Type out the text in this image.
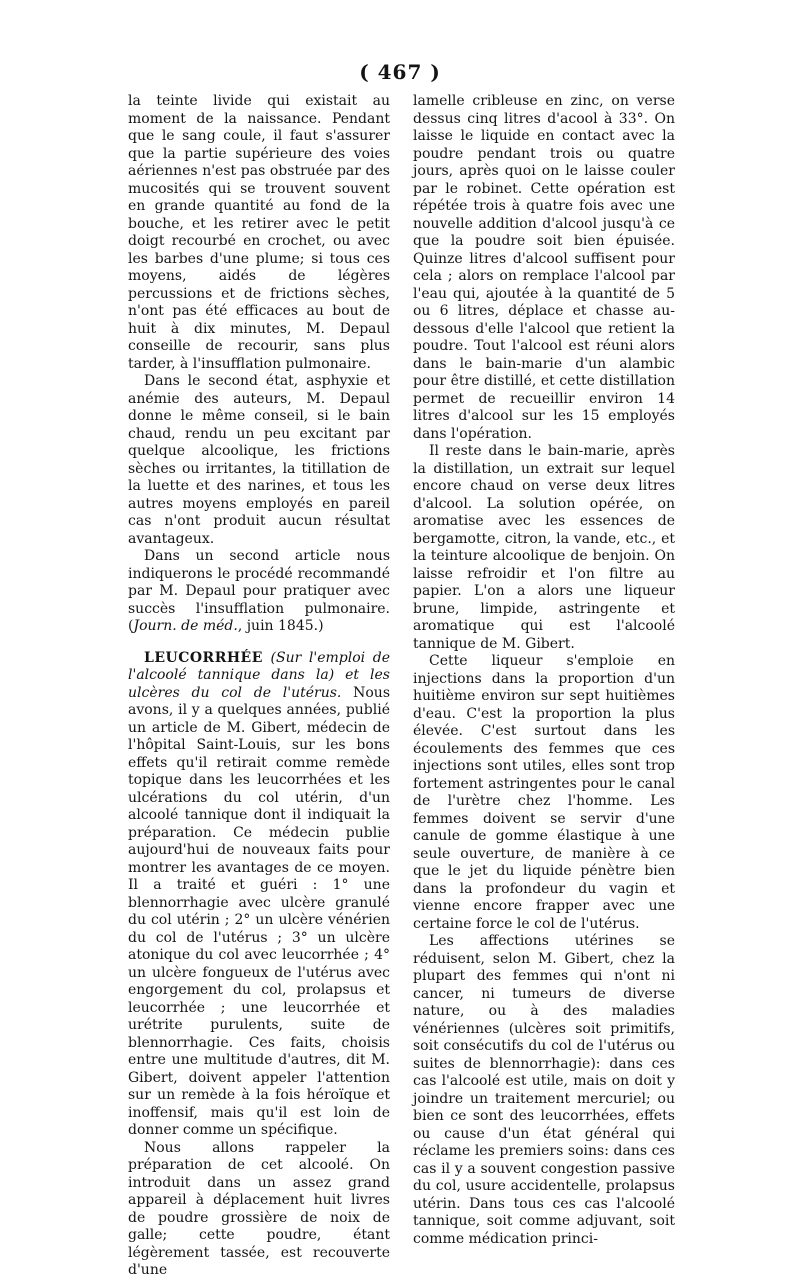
( 467 )

la teinte livide qui existait au moment de la naissance. Pendant que le sang coule, il faut s'assurer que la partie supérieure des voies aériennes n'est pas obstruée par des mucosités qui se trouvent souvent en grande quantité au fond de la bouche, et les retirer avec le petit doigt recourbé en crochet, ou avec les barbes d'une plume; si tous ces moyens, aidés de légères percussions et de frictions sèches, n'ont pas été efficaces au bout de huit à dix minutes, M. Depaul conseille de recourir, sans plus tarder, à l'insufflation pulmonaire.

Dans le second état, asphyxie et anémie des auteurs, M. Depaul donne le même conseil, si le bain chaud, rendu un peu excitant par quelque alcoolique, les frictions sèches ou irritantes, la titillation de la luette et des narines, et tous les autres moyens employés en pareil cas n'ont produit aucun résultat avantageux.

Dans un second article nous indiquerons le procédé recommandé par M. Depaul pour pratiquer avec succès l'insufflation pulmonaire. (Journ. de méd., juin 1845.)

LEUCORRHÉE (Sur l'emploi de l'alcoolé tannique dans la) et les ulcères du col de l'utérus. Nous avons, il y a quelques années, publié un article de M. Gibert, médecin de l'hôpital Saint-Louis, sur les bons effets qu'il retirait comme remède topique dans les leucorrhées et les ulcérations du col utérin, d'un alcoolé tannique dont il indiquait la préparation. Ce médecin publie aujourd'hui de nouveaux faits pour montrer les avantages de ce moyen. Il a traité et guéri : 1° une blennorrhagie avec ulcère granulé du col utérin ; 2° un ulcère vénérien du col de l'utérus ; 3° un ulcère atonique du col avec leucorrhée ; 4° un ulcère fongueux de l'utérus avec engorgement du col, prolapsus et leucorrhée ; une leucorrhée et urétrite purulents, suite de blennorrhagie. Ces faits, choisis entre une multitude d'autres, dit M. Gibert, doivent appeler l'attention sur un remède à la fois héroïque et inoffensif, mais qu'il est loin de donner comme un spécifique.

Nous allons rappeler la préparation de cet alcoolé. On introduit dans un assez grand appareil à déplacement huit livres de poudre grossière de noix de galle; cette poudre, étant légèrement tassée, est recouverte d'une

lamelle cribleuse en zinc, on verse dessus cinq litres d'acool à 33°. On laisse le liquide en contact avec la poudre pendant trois ou quatre jours, après quoi on le laisse couler par le robinet. Cette opération est répétée trois à quatre fois avec une nouvelle addition d'alcool jusqu'à ce que la poudre soit bien épuisée. Quinze litres d'alcool suffisent pour cela ; alors on remplace l'alcool par l'eau qui, ajoutée à la quantité de 5 ou 6 litres, déplace et chasse au-dessous d'elle l'alcool que retient la poudre. Tout l'alcool est réuni alors dans le bain-marie d'un alambic pour être distillé, et cette distillation permet de recueillir environ 14 litres d'alcool sur les 15 employés dans l'opération.

Il reste dans le bain-marie, après la distillation, un extrait sur lequel encore chaud on verse deux litres d'alcool. La solution opérée, on aromatise avec les essences de bergamotte, citron, la vande, etc., et la teinture alcoolique de benjoin. On laisse refroidir et l'on filtre au papier. L'on a alors une liqueur brune, limpide, astringente et aromatique qui est l'alcoolé tannique de M. Gibert.

Cette liqueur s'emploie en injections dans la proportion d'un huitième environ sur sept huitièmes d'eau. C'est la proportion la plus élevée. C'est surtout dans les écoulements des femmes que ces injections sont utiles, elles sont trop fortement astringentes pour le canal de l'urètre chez l'homme. Les femmes doivent se servir d'une canule de gomme élastique à une seule ouverture, de manière à ce que le jet du liquide pénètre bien dans la profondeur du vagin et vienne encore frapper avec une certaine force le col de l'utérus.

Les affections utérines se réduisent, selon M. Gibert, chez la plupart des femmes qui n'ont ni cancer, ni tumeurs de diverse nature, ou à des maladies vénériennes (ulcères soit primitifs, soit consécutifs du col de l'utérus ou suites de blennorrhagie): dans ces cas l'alcoolé est utile, mais on doit y joindre un traitement mercuriel; ou bien ce sont des leucorrhées, effets ou cause d'un état général qui réclame les premiers soins: dans ces cas il y a souvent congestion passive du col, usure accidentelle, prolapsus utérin. Dans tous ces cas l'alcoolé tannique, soit comme adjuvant, soit comme médication princi-
